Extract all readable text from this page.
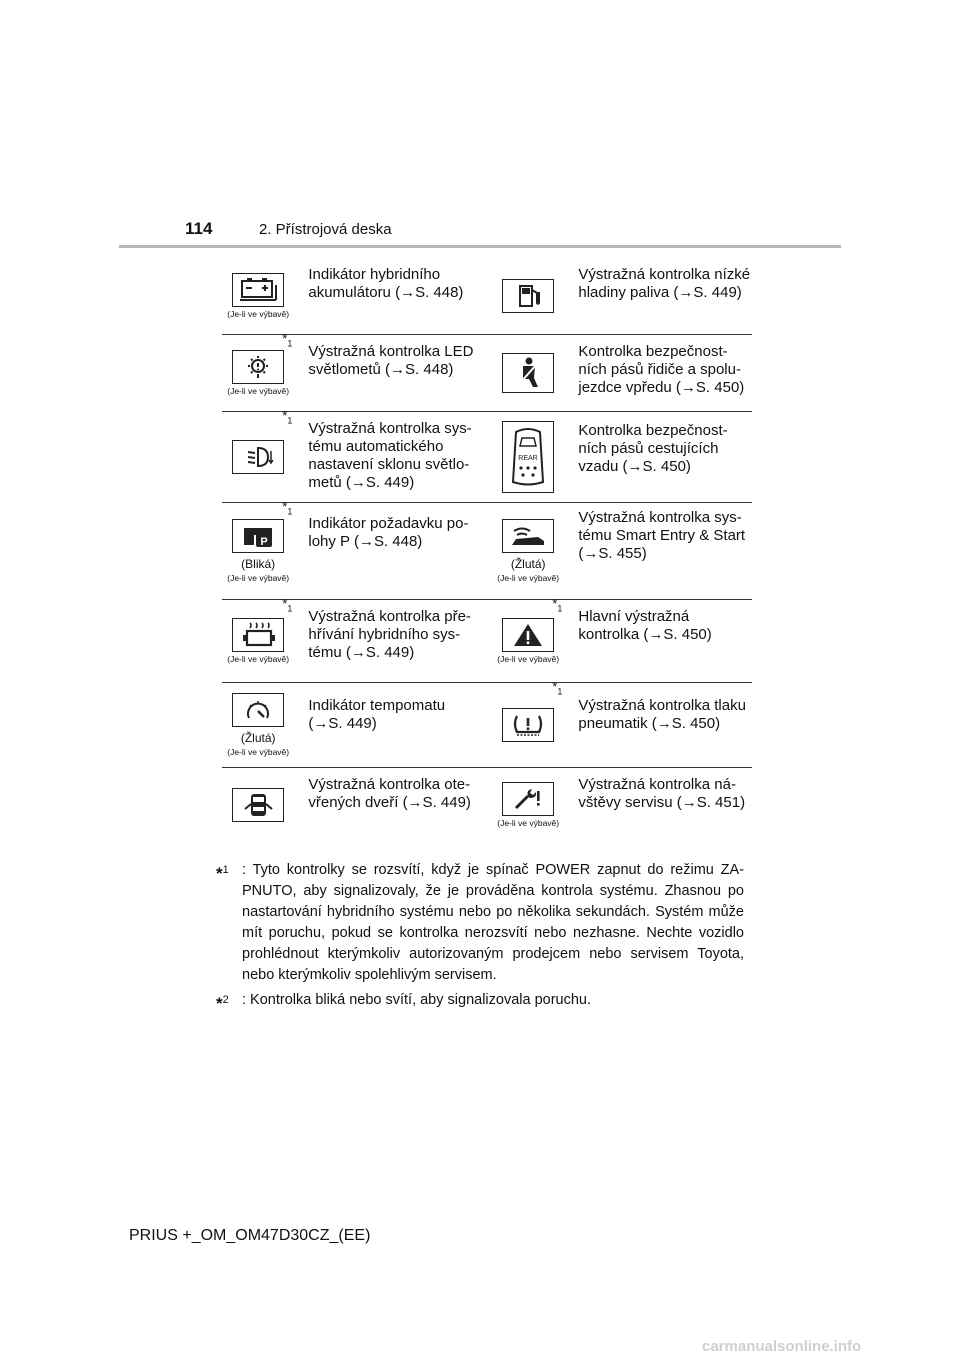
114	2. Přístrojová deska
(Je-li ve výbavě)
Indikátor hybridního akumulátoru (→S. 448)
Výstražná kontrolka nízké hladiny paliva (→S. 449)
$*_1$
(Je-li ve výbavě)
Výstražná kontrolka LED světlometů (→S. 448)
Kontrolka bezpečnost-ních pásů řidiče a spolu-jezdce vpředu (→S. 450)
$*_1$	Výstražná kontrolka sys-tému automatického nastavení sklonu světlo-metů (→S. 449)
REAR
Kontrolka bezpečnost-ních pásů cestujících vzadu (→S. 450)
$*_1$
P
(Bliká)
(Je-li ve výbavě)
Indikátor požadavku po-lohy P (→S. 448)
(Žlutá)
(Je-li ve výbavě)
Výstražná kontrolka sys-tému Smart Entry & Start (→S. 455)
$*_1$
(Je-li ve výbavě)
Výstražná kontrolka pře-hřívání hybridního sys-tému (→S. 449)
$*_1$
(Je-li ve výbavě)
Hlavní výstražná kontrolka (→S. 450)
(Žlutá)
(Je-li ve výbavě)
Indikátor tempomatu (→S. 449)
$*_1$
Výstražná kontrolka tlaku pneumatik (→S. 450)
Výstražná kontrolka ote-vřených dveří (→S. 449)
(Je-li ve výbavě)
Výstražná kontrolka ná-vštěvy servisu (→S. 451)
*$^1$ : Tyto kontrolky se rozsvítí, když je spínač POWER zapnut do režimu ZA-PNUTO, aby signalizovaly, že je prováděna kontrola systému. Zhasnou po nastartování hybridního systému nebo po několika sekundách. Systém může mít poruchu, pokud se kontrolka nerozsvítí nebo nezhasne. Nechte vozidlo prohlédnout kterýmkoliv autorizovaným prodejcem nebo servisem Toyota, nebo kterýmkoliv spolehlivým servisem.
*$^2$ : Kontrolka bliká nebo svítí, aby signalizovala poruchu.
PRIUS +_OM_OM47D30CZ_(EE)
carmanualsonline.info
